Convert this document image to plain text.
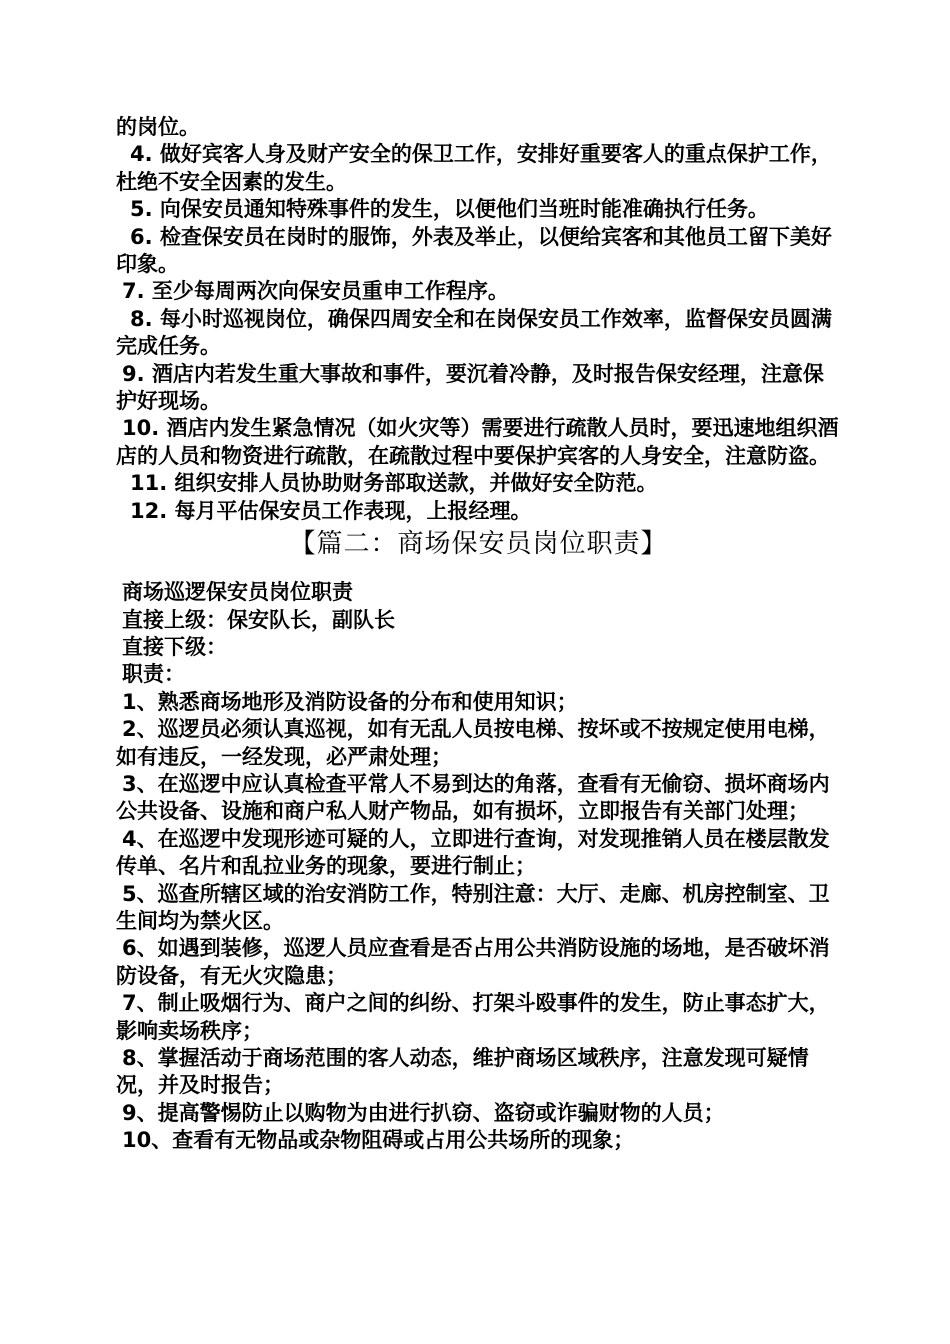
的岗位。

4. 做好宾客人身及财产安全的保卫工作，安排好重要客人的重点保护工作，杜绝不安全因素的发生。

5. 向保安员通知特殊事件的发生，以便他们当班时能准确执行任务。

6. 检查保安员在岗时的服饰，外表及举止，以便给宾客和其他员工留下美好印象。

7. 至少每周两次向保安员重申工作程序。

8. 每小时巡视岗位，确保四周安全和在岗保安员工作效率，监督保安员圆满完成任务。

9. 酒店内若发生重大事故和事件，要沉着冷静，及时报告保安经理，注意保护好现场。

10. 酒店内发生紧急情况（如火灾等）需要进行疏散人员时，要迅速地组织酒店的人员和物资进行疏散，在疏散过程中要保护宾客的人身安全，注意防盗。

11. 组织安排人员协助财务部取送款，并做好安全防范。

12. 每月平估保安员工作表现，上报经理。

【篇二：商场保安员岗位职责】

商场巡逻保安员岗位职责

直接上级：保安队长，副队长

直接下级：

职责：

1、熟悉商场地形及消防设备的分布和使用知识；

2、巡逻员必须认真巡视，如有无乱人员按电梯、按坏或不按规定使用电梯，如有违反，一经发现，必严肃处理；

3、在巡逻中应认真检查平常人不易到达的角落，查看有无偷窃、损坏商场内公共设备、设施和商户私人财产物品，如有损坏，立即报告有关部门处理；

4、在巡逻中发现形迹可疑的人，立即进行查询，对发现推销人员在楼层散发传单、名片和乱拉业务的现象，要进行制止；

5、巡查所辖区域的治安消防工作，特别注意：大厅、走廊、机房控制室、卫生间均为禁火区。

6、如遇到装修，巡逻人员应查看是否占用公共消防设施的场地，是否破坏消防设备，有无火灾隐患；

7、制止吸烟行为、商户之间的纠纷、打架斗殴事件的发生，防止事态扩大，影响卖场秩序；

8、掌握活动于商场范围的客人动态，维护商场区域秩序，注意发现可疑情况，并及时报告；

9、提高警惕防止以购物为由进行扒窃、盗窃或诈骗财物的人员；

10、查看有无物品或杂物阻碍或占用公共场所的现象；
